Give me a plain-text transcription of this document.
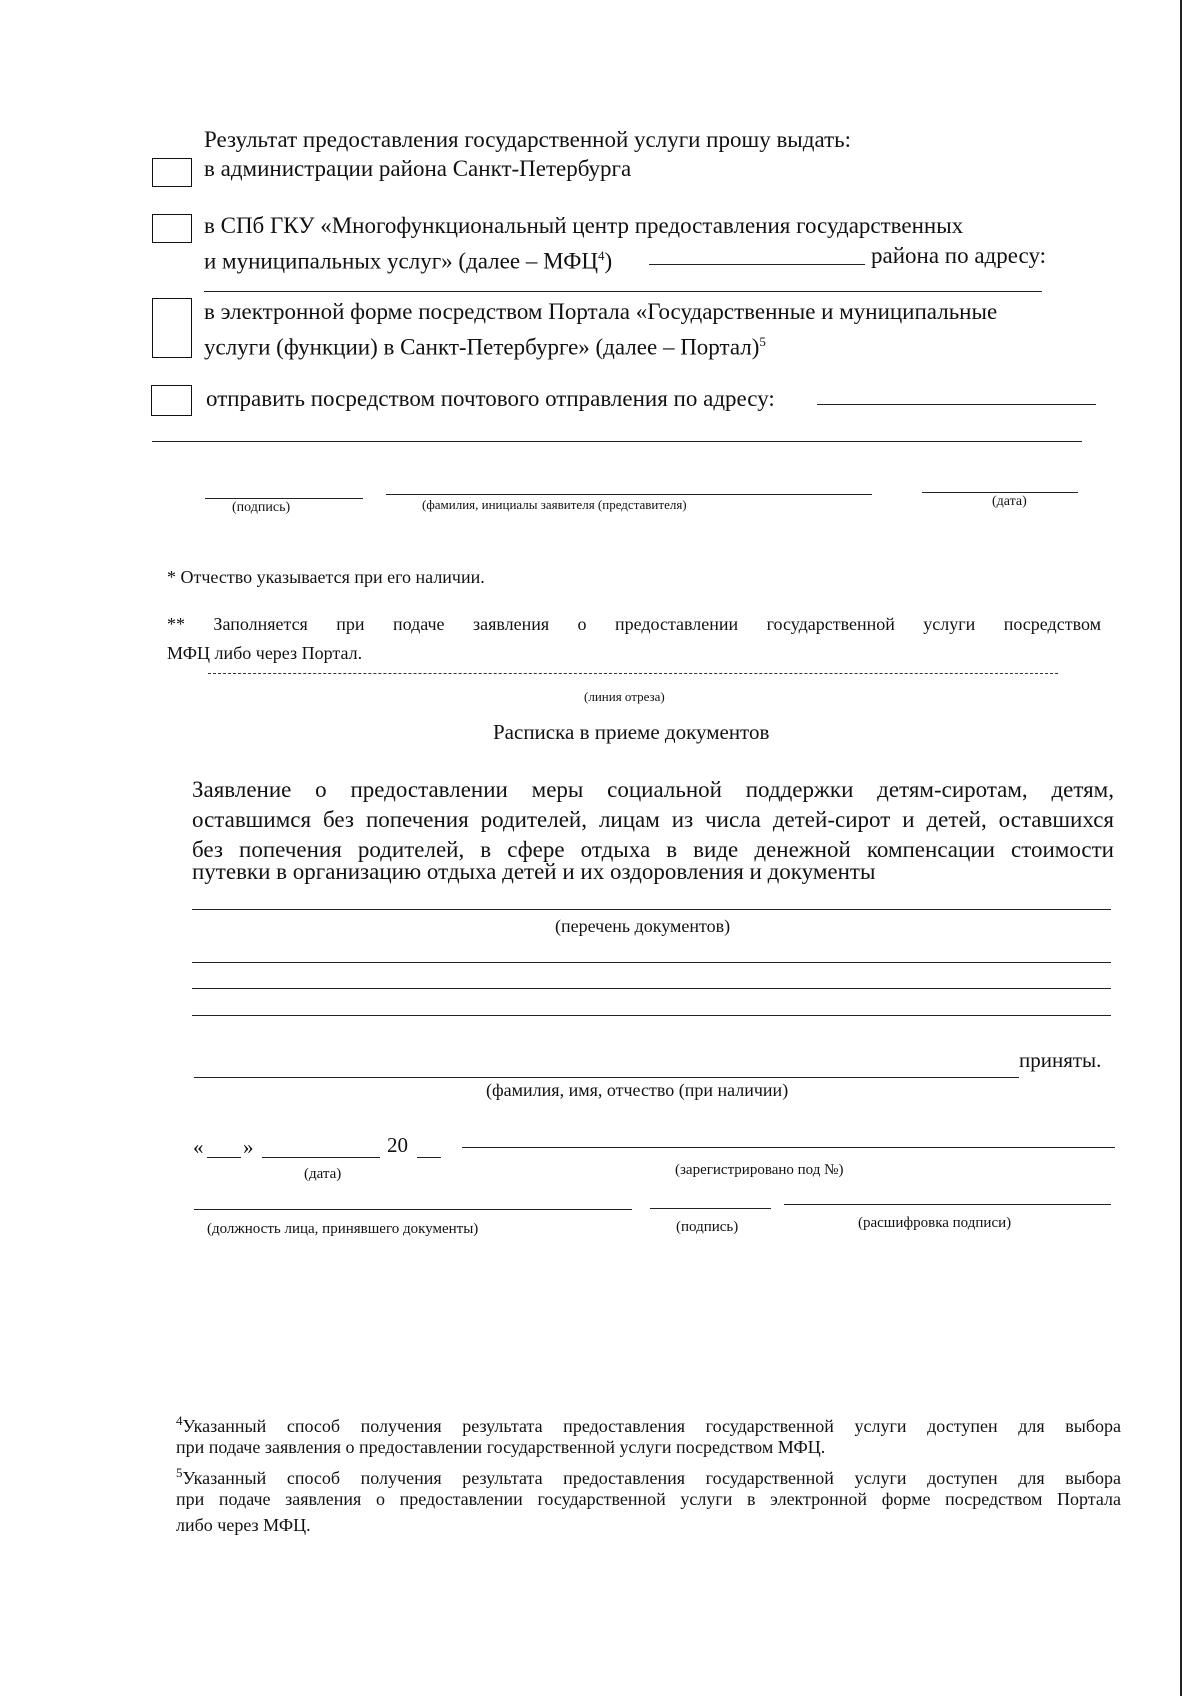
Результат предоставления государственной услуги прошу выдать:
в администрации района Санкт-Петербурга
в СПб ГКУ «Многофункциональный центр предоставления государственных
и муниципальных услуг» (далее – МФЦ$^4$)	района по адресу:
в электронной форме посредством Портала «Государственные и муниципальные
услуги (функции) в Санкт-Петербурге» (далее – Портал)$^5$
отправить посредством почтового отправления по адресу:
(подпись)	(фамилия, инициалы заявителя (представителя)	(дата)
* Отчество указывается при его наличии.
** Заполняется при подаче заявления о предоставлении государственной услуги посредством
МФЦ либо через Портал.
(линия отреза)
Расписка в приеме документов
Заявление о предоставлении меры социальной поддержки детям-сиротам, детям,
оставшимся без попечения родителей, лицам из числа детей-сирот и детей, оставшихся
без попечения родителей, в сфере отдыха в виде денежной компенсации стоимости
путевки в организацию отдыха детей и их оздоровления и документы
(перечень документов)
приняты.
(фамилия, имя, отчество (при наличии)
« »	20
(дата)	(зарегистрировано под №)
(должность лица, принявшего документы)	(подпись)	(расшифровка подписи)
$^4$Указанный способ получения результата предоставления государственной услуги доступен для выбора
при подаче заявления о предоставлении государственной услуги посредством МФЦ.
$^5$Указанный способ получения результата предоставления государственной услуги доступен для выбора
при подаче заявления о предоставлении государственной услуги в электронной форме посредством Портала
либо через МФЦ.
